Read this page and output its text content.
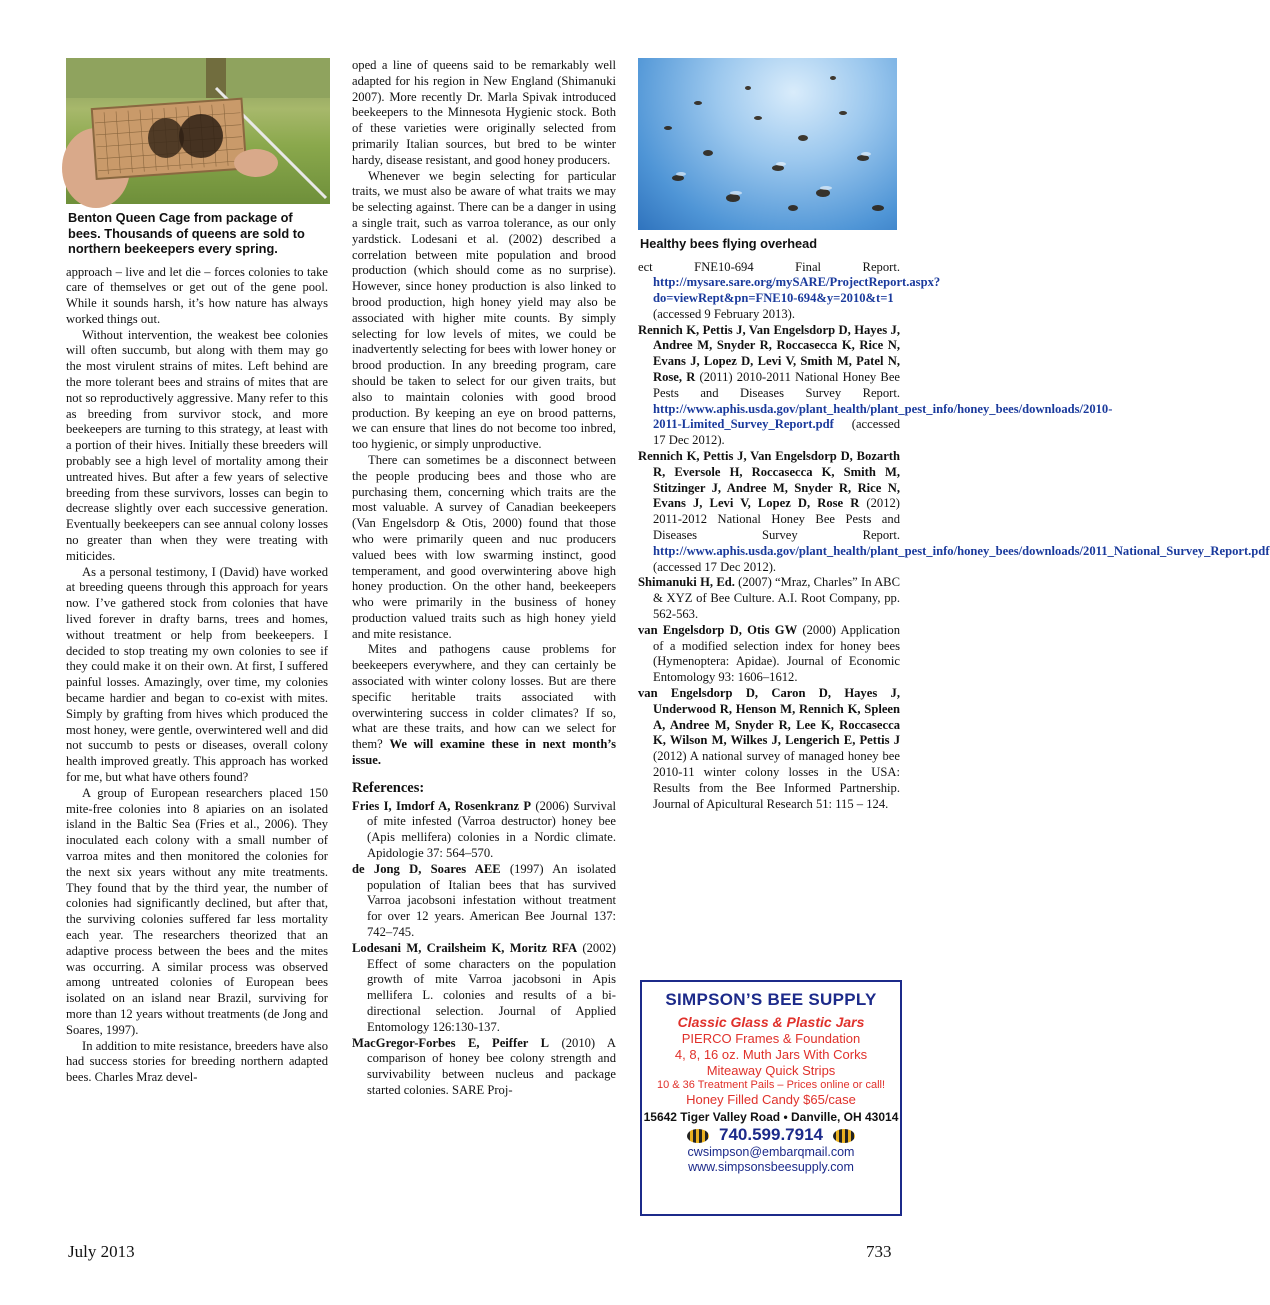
Benton Queen Cage from package of bees. Thousands of queens are sold to northern beekeepers every spring.

approach – live and let die – forces colonies to take care of themselves or get out of the gene pool. While it sounds harsh, it’s how nature has always worked things out.

Without intervention, the weakest bee colonies will often succumb, but along with them may go the most virulent strains of mites. Left behind are the more tolerant bees and strains of mites that are not so reproductively aggressive. Many refer to this as breeding from survivor stock, and more beekeepers are turning to this strategy, at least with a portion of their hives. Initially these breeders will probably see a high level of mortality among their untreated hives. But after a few years of selective breeding from these survivors, losses can begin to decrease slightly over each successive generation. Eventually beekeepers can see annual colony losses no greater than when they were treating with miticides.

As a personal testimony, I (David) have worked at breeding queens through this approach for years now. I’ve gathered stock from colonies that have lived forever in drafty barns, trees and homes, without treatment or help from beekeepers. I decided to stop treating my own colonies to see if they could make it on their own. At first, I suffered painful losses. Amazingly, over time, my colonies became hardier and began to co-exist with mites. Simply by grafting from hives which produced the most honey, were gentle, overwintered well and did not succumb to pests or diseases, overall colony health improved greatly. This approach has worked for me, but what have others found?

A group of European researchers placed 150 mite-free colonies into 8 apiaries on an isolated island in the Baltic Sea (Fries et al., 2006). They inoculated each colony with a small number of varroa mites and then monitored the colonies for the next six years without any mite treatments. They found that by the third year, the number of colonies had significantly declined, but after that, the surviving colonies suffered far less mortality each year. The researchers theorized that an adaptive process between the bees and the mites was occurring. A similar process was observed among untreated colonies of European bees isolated on an island near Brazil, surviving for more than 12 years without treatments (de Jong and Soares, 1997).

In addition to mite resistance, breeders have also had success stories for breeding northern adapted bees. Charles Mraz devel-

oped a line of queens said to be remarkably well adapted for his region in New England (Shimanuki 2007). More recently Dr. Marla Spivak introduced beekeepers to the Minnesota Hygienic stock. Both of these varieties were originally selected from primarily Italian sources, but bred to be winter hardy, disease resistant, and good honey producers.

Whenever we begin selecting for particular traits, we must also be aware of what traits we may be selecting against. There can be a danger in using a single trait, such as varroa tolerance, as our only yardstick. Lodesani et al. (2002) described a correlation between mite population and brood production (which should come as no surprise). However, since honey production is also linked to brood production, high honey yield may also be associated with higher mite counts. By simply selecting for low levels of mites, we could be inadvertently selecting for bees with lower honey or brood production. In any breeding program, care should be taken to select for our given traits, but also to maintain colonies with good brood production. By keeping an eye on brood patterns, we can ensure that lines do not become too inbred, too hygienic, or simply unproductive.

There can sometimes be a disconnect between the people producing bees and those who are purchasing them, concerning which traits are the most valuable. A survey of Canadian beekeepers (Van Engelsdorp & Otis, 2000) found that those who were primarily queen and nuc producers valued bees with low swarming instinct, good temperament, and good overwintering above high honey production. On the other hand, beekeepers who were primarily in the business of honey production valued traits such as high honey yield and mite resistance.

Mites and pathogens cause problems for beekeepers everywhere, and they can certainly be associated with winter colony losses. But are there specific heritable traits associated with overwintering success in colder climates? If so, what are these traits, and how can we select for them? We will examine these in next month’s issue.

References:

Fries I, Imdorf A, Rosenkranz P (2006) Survival of mite infested (Varroa destructor) honey bee (Apis mellifera) colonies in a Nordic climate. Apidologie 37: 564–570.

de Jong D, Soares AEE (1997) An isolated population of Italian bees that has survived Varroa jacobsoni infestation without treatment for over 12 years. American Bee Journal 137: 742–745.

Lodesani M, Crailsheim K, Moritz RFA (2002) Effect of some characters on the population growth of mite Varroa jacobsoni in Apis mellifera L. colonies and results of a bi-directional selection. Journal of Applied Entomology 126:130-137.

MacGregor-Forbes E, Peiffer L (2010) A comparison of honey bee colony strength and survivability between nucleus and package started colonies. SARE Proj-

Healthy bees flying overhead

ect FNE10-694 Final Report. http://mysare.sare.org/mySARE/ProjectReport.aspx?do=viewRept&pn=FNE10-694&y=2010&t=1 (accessed 9 February 2013).

Rennich K, Pettis J, Van Engelsdorp D, Hayes J, Andree M, Snyder R, Roccasecca K, Rice N, Evans J, Lopez D, Levi V, Smith M, Patel N, Rose, R (2011) 2010-2011 National Honey Bee Pests and Diseases Survey Report. http://www.aphis.usda.gov/plant_health/plant_pest_info/honey_bees/downloads/2010-2011-Limited_Survey_Report.pdf (accessed 17 Dec 2012).

Rennich K, Pettis J, Van Engelsdorp D, Bozarth R, Eversole H, Roccasecca K, Smith M, Stitzinger J, Andree M, Snyder R, Rice N, Evans J, Levi V, Lopez D, Rose R (2012) 2011-2012 National Honey Bee Pests and Diseases Survey Report. http://www.aphis.usda.gov/plant_health/plant_pest_info/honey_bees/downloads/2011_National_Survey_Report.pdf (accessed 17 Dec 2012).

Shimanuki H, Ed. (2007) “Mraz, Charles” In ABC & XYZ of Bee Culture. A.I. Root Company, pp. 562-563.

van Engelsdorp D, Otis GW (2000) Application of a modified selection index for honey bees (Hymenoptera: Apidae). Journal of Economic Entomology 93: 1606–1612.

van Engelsdorp D, Caron D, Hayes J, Underwood R, Henson M, Rennich K, Spleen A, Andree M, Snyder R, Lee K, Roccasecca K, Wilson M, Wilkes J, Lengerich E, Pettis J (2012) A national survey of managed honey bee 2010-11 winter colony losses in the USA: Results from the Bee Informed Partnership. Journal of Apicultural Research 51: 115 – 124.

SIMPSON’S BEE SUPPLY
Classic Glass & Plastic Jars
PIERCO Frames & Foundation
4, 8, 16 oz. Muth Jars With Corks
Miteaway Quick Strips
10 & 36 Treatment Pails – Prices online or call!
Honey Filled Candy $65/case
15642 Tiger Valley Road • Danville, OH 43014
740.599.7914
cwsimpson@embarqmail.com
www.simpsonsbeesupply.com
July 2013	733
